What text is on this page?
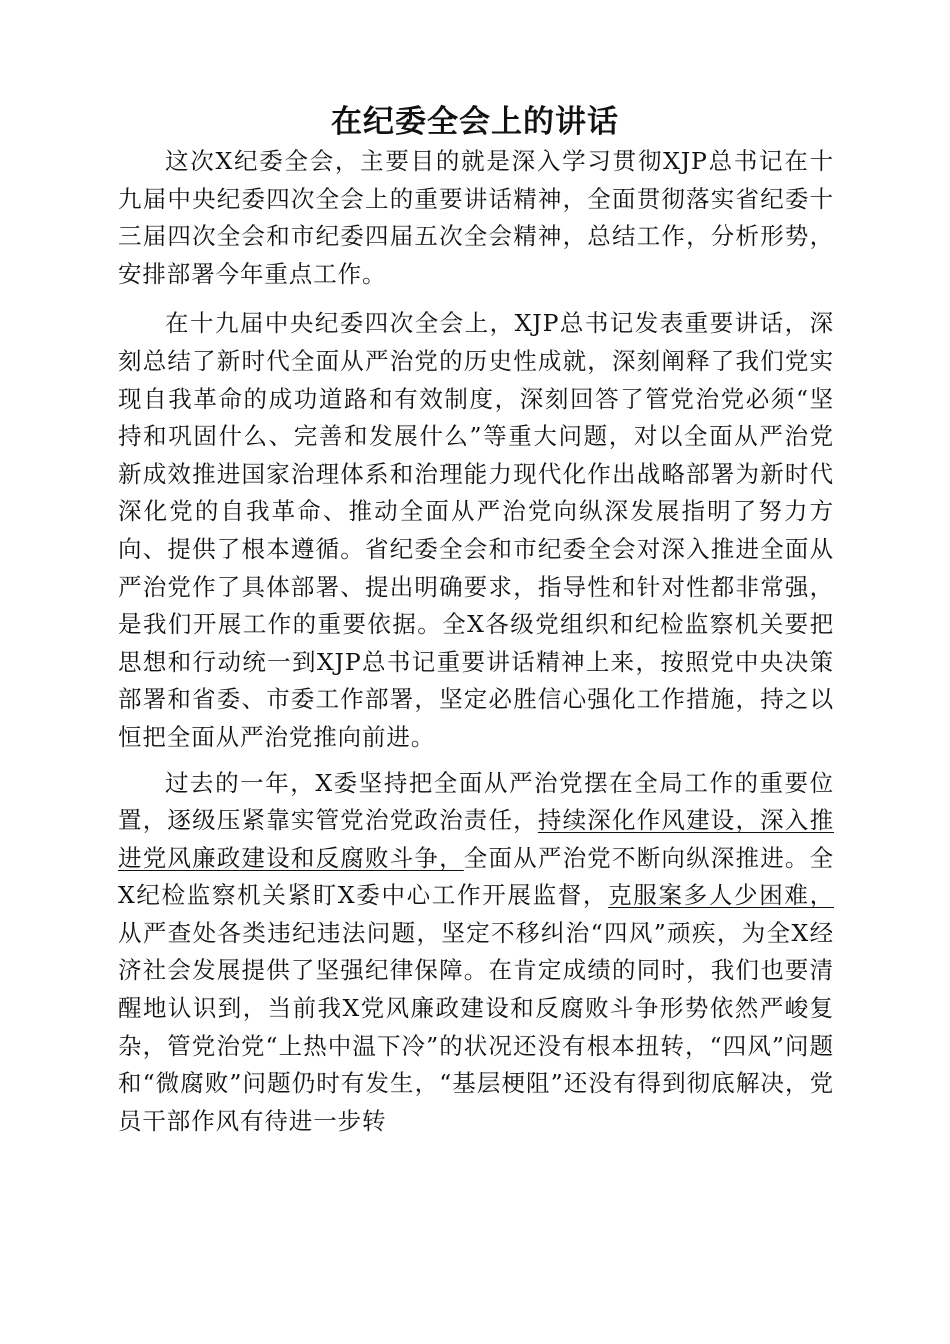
在纪委全会上的讲话

这次X纪委全会，主要目的就是深入学习贯彻XJP总书记在十九届中央纪委四次全会上的重要讲话精神，全面贯彻落实省纪委十三届四次全会和市纪委四届五次全会精神，总结工作，分析形势，安排部署今年重点工作。

在十九届中央纪委四次全会上，XJP总书记发表重要讲话，深刻总结了新时代全面从严治党的历史性成就，深刻阐释了我们党实现自我革命的成功道路和有效制度，深刻回答了管党治党必须“坚持和巩固什么、完善和发展什么”等重大问题，对以全面从严治党新成效推进国家治理体系和治理能力现代化作出战略部署为新时代深化党的自我革命、推动全面从严治党向纵深发展指明了努力方向、提供了根本遵循。省纪委全会和市纪委全会对深入推进全面从严治党作了具体部署、提出明确要求，指导性和针对性都非常强，是我们开展工作的重要依据。全X各级党组织和纪检监察机关要把思想和行动统一到XJP总书记重要讲话精神上来，按照党中央决策部署和省委、市委工作部署，坚定必胜信心强化工作措施，持之以恒把全面从严治党推向前进。

过去的一年，X委坚持把全面从严治党摆在全局工作的重要位置，逐级压紧靠实管党治党政治责任，持续深化作风建设，深入推进党风廉政建设和反腐败斗争，全面从严治党不断向纵深推进。全X纪检监察机关紧盯X委中心工作开展监督，克服案多人少困难，从严查处各类违纪违法问题，坚定不移纠治“四风”顽疾，为全X经济社会发展提供了坚强纪律保障。在肯定成绩的同时，我们也要清醒地认识到，当前我X党风廉政建设和反腐败斗争形势依然严峻复杂，管党治党“上热中温下冷”的状况还没有根本扭转，“四风”问题和“微腐败”问题仍时有发生，“基层梗阻”还没有得到彻底解决，党员干部作风有待进一步转
